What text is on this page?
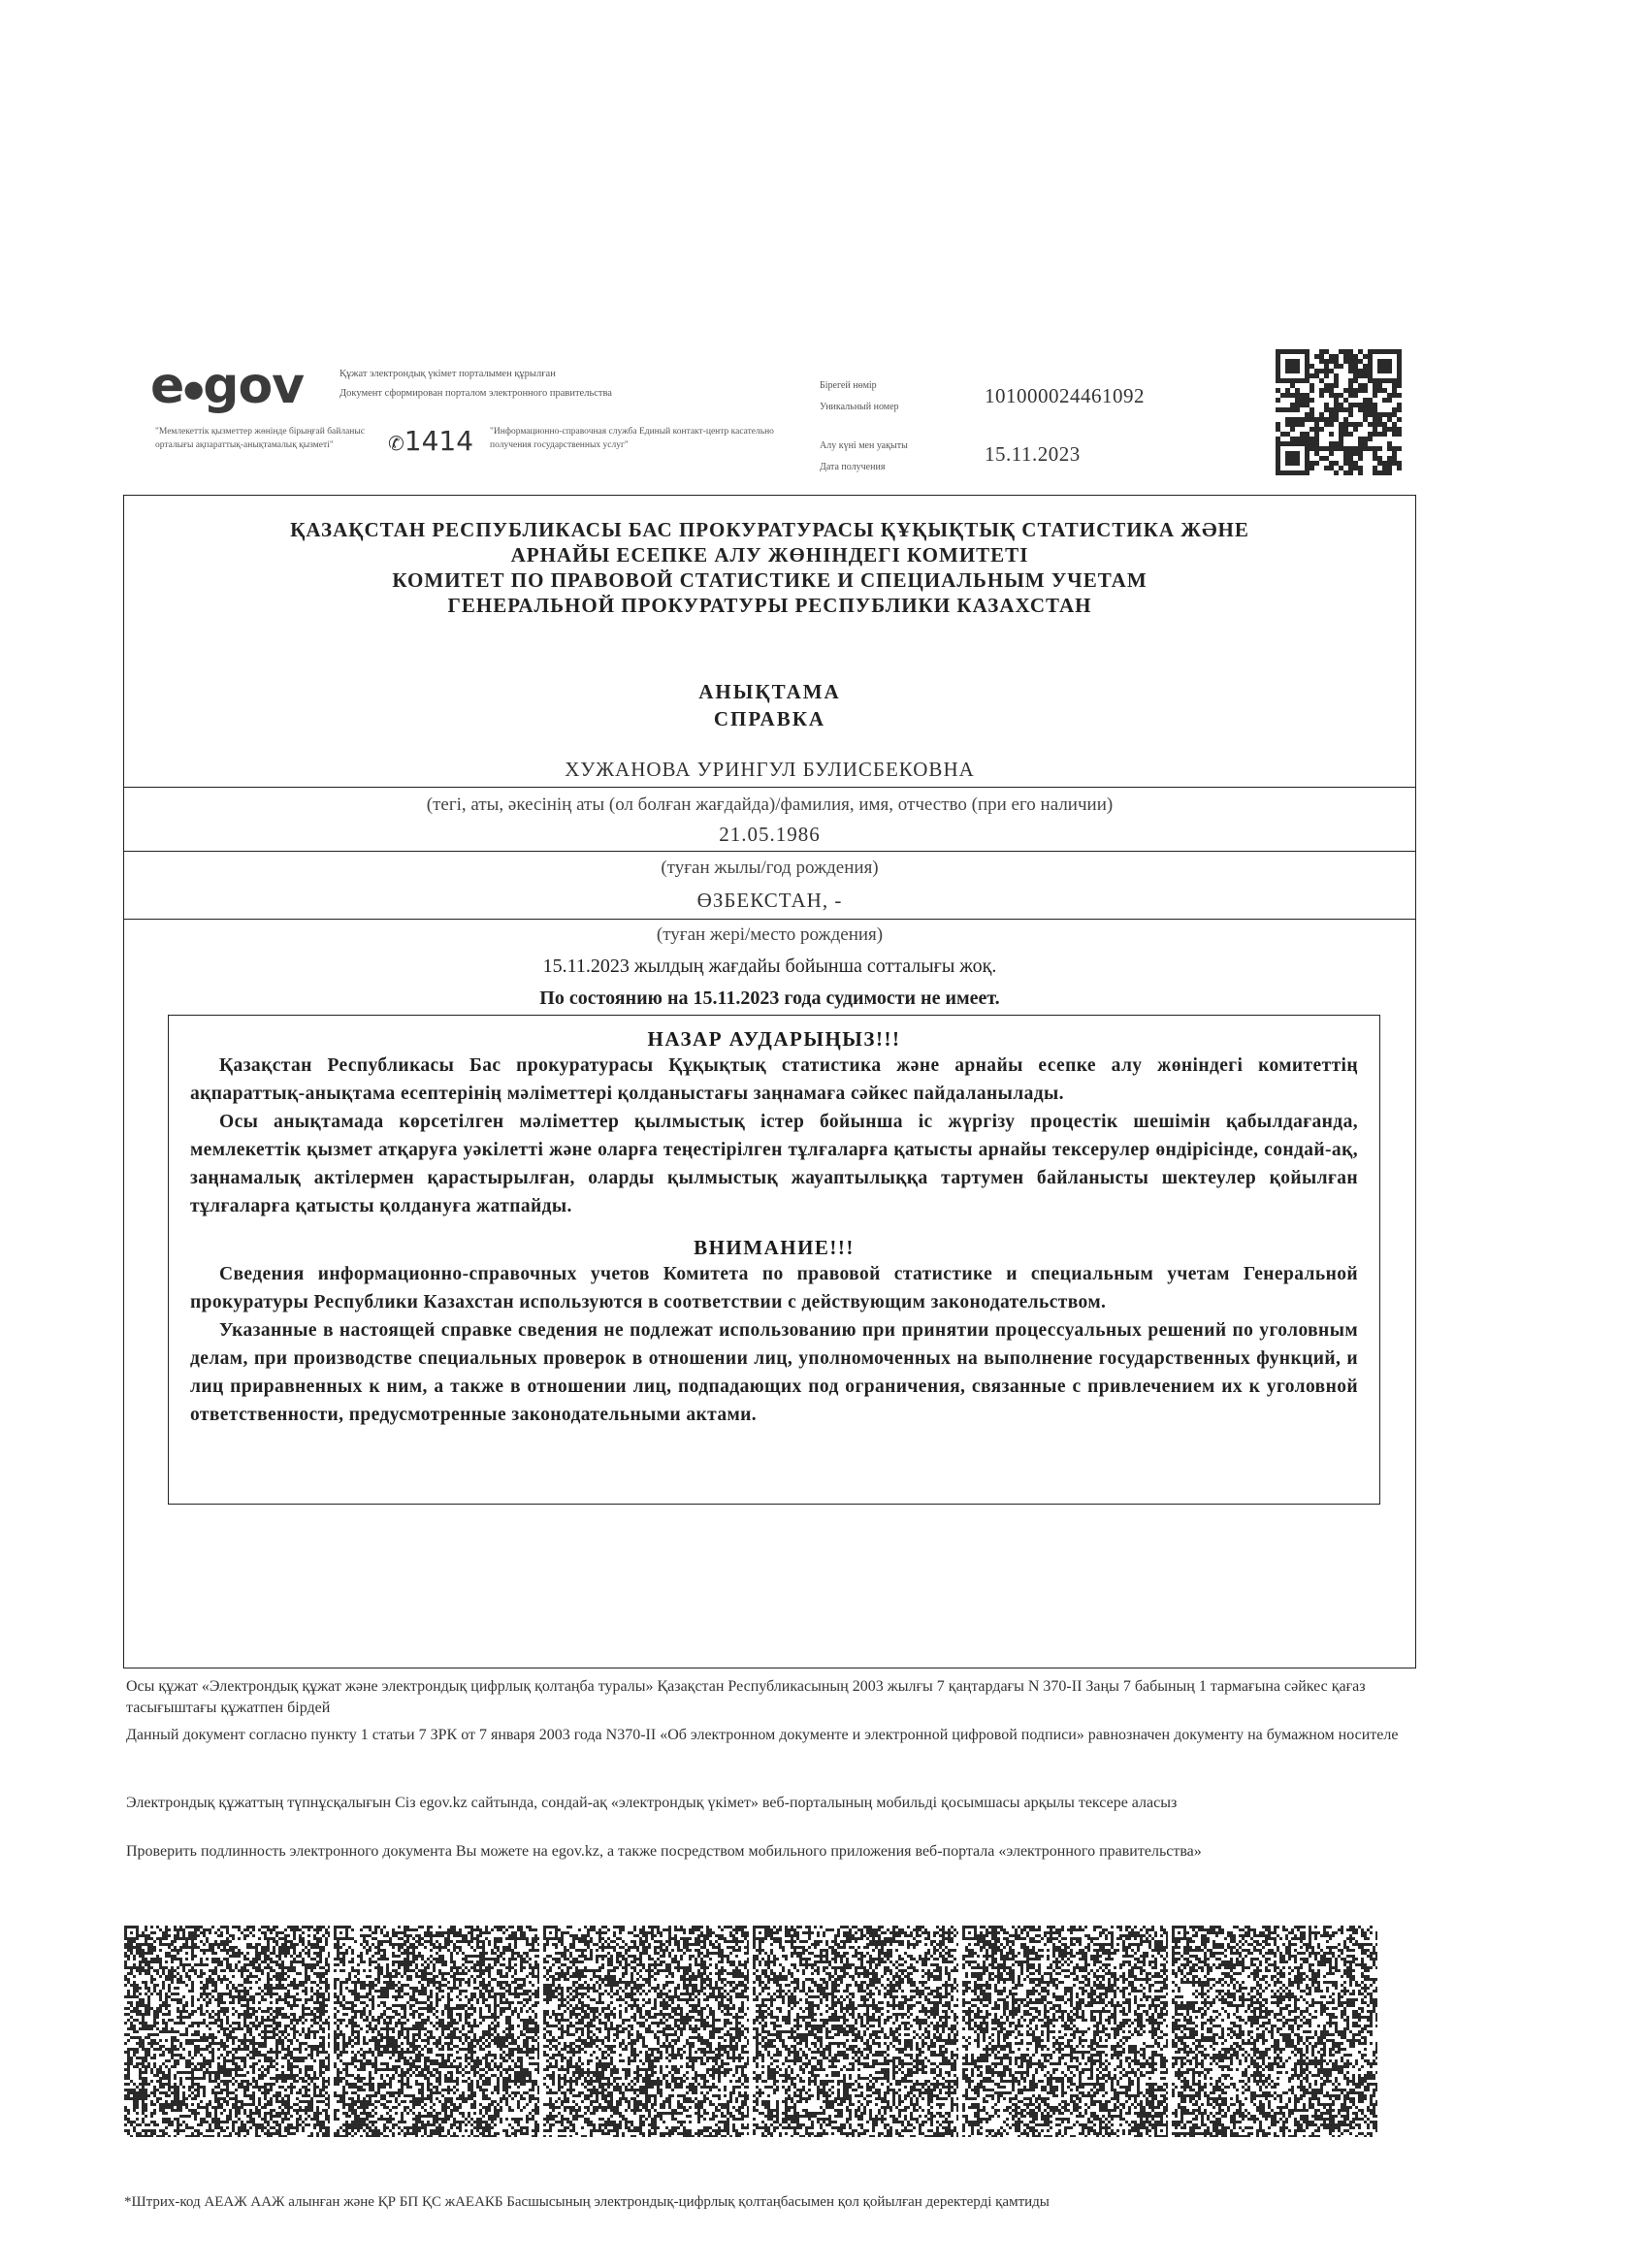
e●gov	Құжат электрондық үкімет порталымен құрылған
Документ сформирован порталом электронного правительства
"Мемлекеттік қызметтер жөнінде бірыңғай байланыс орталығы ақпараттық-анықтамалық қызметі"	✆1414 "Информационно-справочная служба Единый контакт-центр касательно получения государственных услуг"
Бірегей нөмір
Уникальный номер	10100002446109​2
Алу күні мен уақыты
Дата получения
15.11.2023
ҚАЗАҚСТАН РЕСПУБЛИКАСЫ БАС ПРОКУРАТУРАСЫ ҚҰҚЫҚТЫҚ СТАТИСТИКА ЖӘНЕ
АРНАЙЫ ЕСЕПКЕ АЛУ ЖӨНІНДЕГІ КОМИТЕТІ
КОМИТЕТ ПО ПРАВОВОЙ СТАТИСТИКЕ И СПЕЦИАЛЬНЫМ УЧЕТАМ
ГЕНЕРАЛЬНОЙ ПРОКУРАТУРЫ РЕСПУБЛИКИ КАЗАХСТАН
АНЫҚТАМА
СПРАВКА
ХУЖАНОВА УРИНГУЛ БУЛИСБЕКОВНА
(тегі, аты, әкесінің аты (ол болған жағдайда)/фамилия, имя, отчество (при его наличии)
21.05.1986
(туған жылы/год рождения)
ӨЗБЕКСТАН, -
(туған жері/место рождения)
15.11.2023 жылдың жағдайы бойынша сотталығы жоқ.
По состоянию на 15.11.2023 года судимости не имеет.
НАЗАР АУДАРЫҢЫЗ!!!

Қазақстан Республикасы Бас прокуратурасы Құқықтық статистика және арнайы есепке алу жөніндегі комитеттің ақпараттық-анықтама есептерінің мәліметтері қолданыстағы заңнамаға сәйкес пайдаланылады.

Осы анықтамада көрсетілген мәліметтер қылмыстық істер бойынша іс жүргізу процестік шешімін қабылдағанда, мемлекеттік қызмет атқаруға уәкілетті және оларға теңестірілген тұлғаларға қатысты арнайы тексерулер өндірісінде, сондай-ақ, заңнамалық актілермен қарастырылған, оларды қылмыстық жауаптылыққа тартумен байланысты шектеулер қойылған тұлғаларға қатысты қолдануға жатпайды.

ВНИМАНИЕ!!!

Сведения информационно-справочных учетов Комитета по правовой статистике и специальным учетам Генеральной прокуратуры Республики Казахстан используются в соответствии с действующим законодательством.

Указанные в настоящей справке сведения не подлежат использованию при принятии процессуальных решений по уголовным делам, при производстве специальных проверок в отношении лиц, уполномоченных на выполнение государственных функций, и лиц приравненных к ним, а также в отношении лиц, подпадающих под ограничения, связанные с привлечением их к уголовной ответственности, предусмотренные законодательными актами.

Осы құжат «Электрондық құжат және электрондық цифрлық қолтаңба туралы» Қазақстан Республикасының 2003 жылғы 7 қаңтардағы N 370-II Заңы 7 бабының 1 тармағына сәйкес қағаз тасығыштағы құжатпен бірдей
Данный документ согласно пункту 1 статьи 7 ЗРК от 7 января 2003 года N370-II «Об электронном документе и электронной цифровой подписи» равнозначен документу на бумажном носителе
Электрондық құжаттың түпнұсқалығын Сіз egov.kz сайтында, сондай-ақ «электрондық үкімет» веб-порталының мобильді қосымшасы арқылы тексере аласыз
Проверить подлинность электронного документа Вы можете на egov.kz, а также посредством мобильного приложения веб-портала «электронного правительства»
*Штрих-код АЕАЖ ААЖ алынған және ҚР БП ҚС жАЕАКБ Басшысының электрондық-цифрлық қолтаңбасымен қол қойылған деректерді қамтиды
